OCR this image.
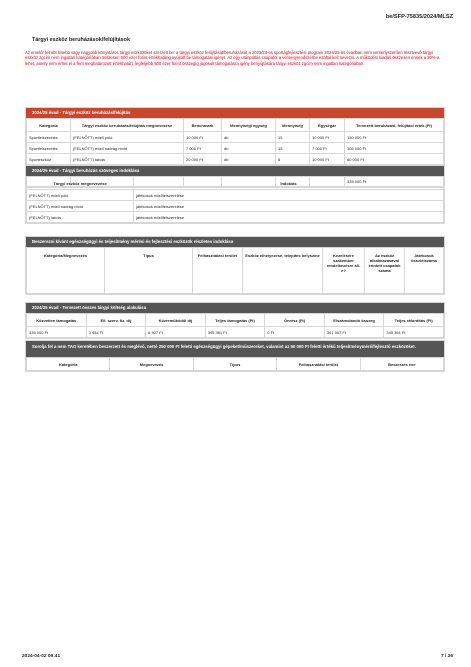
be/SFP-75835/2024/MLSZ
Tárgyi eszköz beruházások/felújítások
Az emelőr felrobt kisebb vagy nagyobb könyvtáros tárgyi eszközöket szerzett be: a tárgyi eszköz felújítását/beruházását a 2023/24-es sportágfejlesztési program 2024/25-ös évadban nem versenyszerűen résztvevő tárgyi eszköz zgcim nem ingatlan kategóriában összesen 500 ezer forint értékhatárig nyújtott be támogatási igényt. Az egy utánpótlás csapatot a versenyrendszerbe ezáltal kell nevezni. A működési kiadás összesen ennek a 20%-a lehet, amely nem érhet el a fent meghatározott értékhatárt, legfeljebb 500 ezer forint összegig jogosult támogatásra igény benyújtására tárgyi eszköz zgcim nem ingatlan kategóriában.
2024/25 évad - Tárgyi eszköz beruházás/felújítás
Kategória	Tárgyi eszköz beruházás/felújítás megnevezése	Benchmark	Mennyiségi egység	Mennyiség	Egységár	Tervezett beruházási, felújítási érték (Ft)
Sportfelszerelés	(FELNŐTT) edző póló	10 000 Ft	db	15	10 000 Ft	150 000 Ft
Sportfelszerelés	(FELNŐTT) edző nadrág rövid	7 000 Ft	db	15	7 000 Ft	105 000 Ft
Sporteszköz	(FELNŐTT) labda	20 000 Ft	db	8	10 000 Ft	80 000 Ft

						335 000 Ft
2024/25 évad - Tárgyi beruházás szöveges indoklása
Tárgyi eszköz megnevezése	Indoklás
(FELNŐTT) edző póló	játékosok edzőfelszerelése
(FELNŐTT) edző nadrág rövid	játékosok edzőfelszerelése
(FELNŐTT) labda	játékosok edzőfelszerelése
Beszerezni kívánt egészségügyi és teljesítmény mérési és fejlesztési eszközök részletes indoklása
Kategória/Megnevezés	Típus	Felhasználási terület	Eszköz elhelyezése, telepítés helyszíne	Kezelésére szakember rendelkezésre áll-e?	Az eszköz alkalmazásával érintett csapatok száma	Játékosok összlétszáma
2024/25 évad - Tervezett összes tárgyi költség alakulása
Közvetlen támogatás	Ell. szerv. fiz. díj	Közreműködői díj	Teljes támogatás (Ft)	Önrész (Ft)	Elszámolandó összeg	Teljes ráfordítás (Ft)
335 000 Ft	3 454 Ft	6 907 Ft	345 361 Ft	0 Ft	341 907 Ft	345 361 Ft
Sorolja fel a nem TAO keretében beszerzett és meglévő, nettó 250 000 Ft feletti egészségügyi gépeket/műszereket, valamint az 50 000 Ft feletti értékű teljesítménymérő/fejlesztő eszközöket.
Kategória	Megnevezés	Típus	Felhasználási terület	Beszerzés éve
2024-04-02 09:41	7 / 26
